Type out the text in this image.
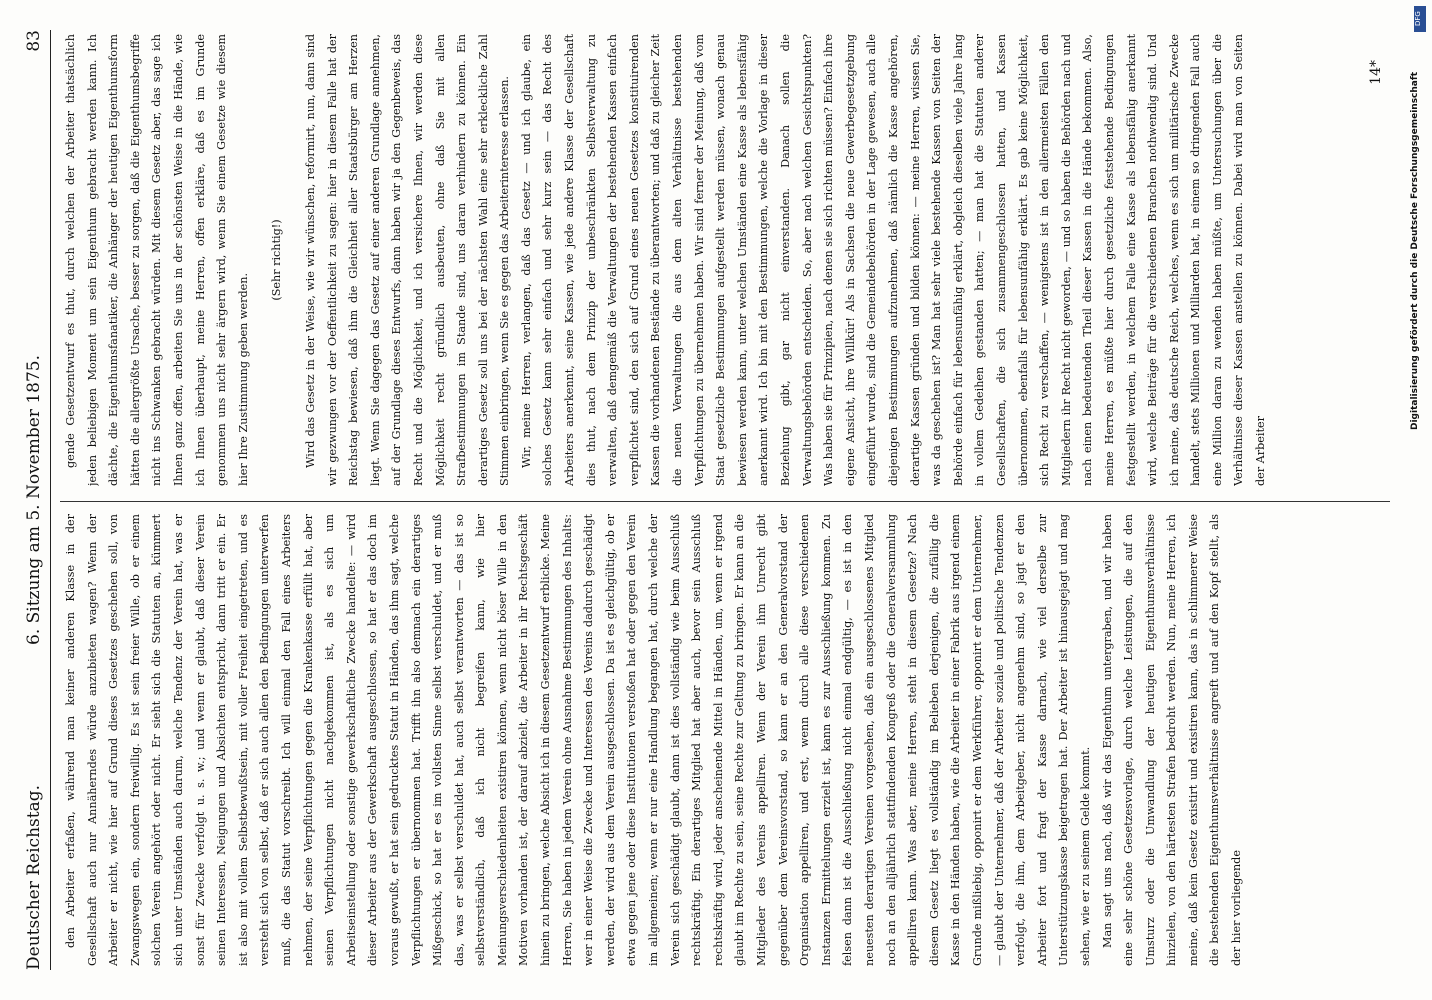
Deutscher Reichstag.
6. Sitzung am 5. November 1875.
83

den Arbeiter erfaßen, während man keiner anderen Klasse in der Gesellschaft auch nur Annäherndes würde anzubieten wagen? Wenn der Arbeiter er nicht, wie hier auf Grund dieses Gesetzes geschehen soll, von Zwangswegen ein, sondern freiwillig. Es ist sein freier Wille, ob er einem solchen Verein angehört oder nicht. Er sieht sich die Statuten an, kümmert sich unter Umständen auch darum, welche Tendenz der Verein hat, was er sonst für Zwecke verfolgt u. s. w.; und wenn er glaubt, daß dieser Verein seinen Interessen, Neigungen und Absichten entspricht, dann tritt er ein. Er ist also mit vollem Selbstbewußtsein, mit voller Freiheit eingetreten, und es versteht sich von selbst, daß er sich auch allen den Bedingungen unterwerfen muß, die das Statut vorschreibt. Ich will einmal den Fall eines Arbeiters nehmen, der seine Verpflichtungen gegen die Krankenkasse erfüllt hat, aber seinen Verpflichtungen nicht nachgekommen ist, als es sich um Arbeitseinstellung oder sonstige gewerkschaftliche Zwecke handelte: — wird dieser Arbeiter aus der Gewerkschaft ausgeschlossen, so hat er das doch im voraus gewußt, er hat sein gedrucktes Statut in Händen, das ihm sagt, welche Verpflichtungen er übernommen hat. Trifft ihn also demnach ein derartiges Mißgeschick, so hat er es im vollsten Sinne selbst verschuldet, und er muß das, was er selbst verschuldet hat, auch selbst verantworten — das ist so selbstverständlich, daß ich nicht begreifen kann, wie hier Meinungsverschiedenheiten existiren können, wenn nicht böser Wille in den Motiven vorhanden ist, der darauf abzielt, die Arbeiter in ihr Rechtsgeschäft hinein zu bringen, welche Absicht ich in diesem Gesetzentwurf erblicke. Meine Herren, Sie haben in jedem Verein ohne Ausnahme Bestimmungen des Inhalts: wer in einer Weise die Zwecke und Interessen des Vereins dadurch geschädigt werden, der wird aus dem Verein ausgeschlossen. Da ist es gleichgültig, ob er etwa gegen jene oder diese Institutionen verstoßen hat oder gegen den Verein im allgemeinen; wenn er nur eine Handlung begangen hat, durch welche der Verein sich geschädigt glaubt, dann ist dies vollständig wie beim Ausschluß rechtskräftig. Ein derartiges Mitglied hat aber auch, bevor sein Ausschluß rechtskräftig wird, jeder anscheinende Mittel in Händen, um, wenn er irgend glaubt im Rechte zu sein, seine Rechte zur Geltung zu bringen. Er kann an die Mitglieder des Vereins appelliren. Wenn der Verein ihm Unrecht gibt gegenüber dem Vereinsvorstand, so kann er an den Generalvorstand der Organisation appelliren, und erst, wenn durch alle diese verschiedenen Instanzen Ermittelungen erzielt ist, kann es zur Ausschließung kommen. Zu felsen dann ist die Ausschließung nicht einmal endgültig, — es ist in den neuesten derartigen Vereinen vorgesehen, daß ein ausgeschlossenes Mitglied noch an den alljährlich stattfindenden Kongreß oder die Generalversammlung appelliren kann. Was aber, meine Herren, steht in diesem Gesetze? Nach diesem Gesetz liegt es vollständig im Belieben derjenigen, die zufällig die Kasse in den Händen haben, wie die Arbeiter in einer Fabrik aus irgend einem Grunde mißliebig, opponirt er dem Werkführer, opponirt er dem Unternehmer, — glaubt der Unternehmer, daß der Arbeiter soziale und politische Tendenzen verfolgt, die ihm, dem Arbeitgeber, nicht angenehm sind, so jagt er den Arbeiter fort und fragt der Kasse darnach, wie viel derselbe zur Unterstützungskasse beigetragen hat. Der Arbeiter ist hinausgejagt und mag sehen, wie er zu seinem Gelde kommt. Man sagt uns nach, daß wir das Eigenthum untergraben, und wir haben eine sehr schöne Gesetzesvorlage, durch welche Leistungen, die auf den Umsturz oder die Umwandlung der heutigen Eigenthumsverhältnisse hinzielen, von den härtesten Strafen bedroht werden. Nun, meine Herren, ich meine, daß kein Gesetz existirt und existiren kann, das in schlimmerer Weise die bestehenden Eigenthumsverhältnisse angreift und auf den Kopf stellt, als der hier vorliegende

gende Gesetzentwurf es thut, durch welchen der Arbeiter thatsächlich jeden beliebigen Moment um sein Eigenthum gebracht werden kann. Ich dächte, die Eigenthumsfanatiker, die Anhänger der heutigen Eigenthumsform hätten die allergrößte Ursache, besser zu sorgen, daß die Eigenthumsbegriffe nicht ins Schwanken gebracht würden. Mit diesem Gesetz aber, das sage ich Ihnen ganz offen, arbeiten Sie uns in der schönsten Weise in die Hände, wie ich Ihnen überhaupt, meine Herren, offen erkläre, daß es im Grunde genommen uns nicht sehr ärgern wird, wenn Sie einem Gesetze wie diesem hier Ihre Zustimmung geben werden.

(Sehr richtig!)	Wird das Gesetz in der Weise, wie wir wünschen, reformirt, nun, dann sind wir gezwungen vor der Oeffentlichkeit zu sagen: hier in diesem Falle hat der Reichstag bewiesen, daß ihm die Gleichheit aller Staatsbürger am Herzen liegt. Wenn Sie dagegen das Gesetz auf einer anderen Grundlage annehmen, auf der Grundlage dieses Entwurfs, dann haben wir ja den Gegenbeweis, das Recht und die Möglichkeit, und ich versichere Ihnen, wir werden diese Möglichkeit recht gründlich ausbeuten, ohne daß Sie mit allen Strafbestimmungen im Stande sind, uns daran verhindern zu können. Ein derartiges Gesetz soll uns bei der nächsten Wahl eine sehr erkleckliche Zahl Stimmen einbringen, wenn Sie es gegen das Arbeiterinteresse erlassen. Wir, meine Herren, verlangen, daß das Gesetz — und ich glaube, ein solches Gesetz kann sehr einfach und sehr kurz sein — das Recht des Arbeiters anerkennt, seine Kassen, wie jede andere Klasse der Gesellschaft dies thut, nach dem Prinzip der unbeschränkten Selbstverwaltung zu verwalten, daß demgemäß die Verwaltungen der bestehenden Kassen einfach verpflichtet sind, den sich auf Grund eines neuen Gesetzes konstituirenden Kassen die vorhandenen Bestände zu überantworten; und daß zu gleicher Zeit die neuen Verwaltungen die aus dem alten Verhältnisse bestehenden Verpflichtungen zu übernehmen haben. Wir sind ferner der Meinung, daß vom Staat gesetzliche Bestimmungen aufgestellt werden müssen, wonach genau bewiesen werden kann, unter welchen Umständen eine Kasse als lebensfähig anerkannt wird. Ich bin mit den Bestimmungen, welche die Vorlage in dieser Beziehung gibt, gar nicht einverstanden. Danach sollen die Verwaltungsbehörden entscheiden. So, aber nach welchen Gesichtspunkten? Was haben sie für Prinzipien, nach denen sie sich richten müssen? Einfach ihre eigene Ansicht, ihre Willkür! Als in Sachsen die neue Gewerbegesetzgebung eingeführt wurde, sind die Gemeindebehörden in der Lage gewesen, auch alle diejenigen Bestimmungen aufzunehmen, daß nämlich die Kasse angehören, derartige Kassen gründen und bilden können: — meine Herren, wissen Sie, was da geschehen ist? Man hat sehr viele bestehende Kassen von Seiten der Behörde einfach für lebensunfähig erklärt, obgleich dieselben viele Jahre lang in vollem Gedeihen gestanden hatten; — man hat die Statuten anderer Gesellschaften, die sich zusammengeschlossen hatten, und Kassen übernommen, ebenfalls für lebensunfähig erklärt. Es gab keine Möglichkeit, sich Recht zu verschaffen, — wenigstens ist in den allermeisten Fällen den Mitgliedern ihr Recht nicht geworden, — und so haben die Behörden nach und nach einen bedeutenden Theil dieser Kassen in die Hände bekommen. Also, meine Herren, es müßte hier durch gesetzliche feststehende Bedingungen festgestellt werden, in welchem Falle eine Kasse als lebensfähig anerkannt wird, welche Beiträge für die verschiedenen Branchen nothwendig sind. Und ich meine, das deutsche Reich, welches, wenn es sich um militärische Zwecke handelt, stets Millionen und Milliarden hat, in einem so dringenden Fall auch eine Million daran zu wenden haben müßte, um Untersuchungen über die Verhältnisse dieser Kassen anstellen zu können. Dabei wird man von Seiten der Arbeiter

14*	Digitalisierung gefördert durch die Deutsche Forschungsgemeinschaft
DFG
